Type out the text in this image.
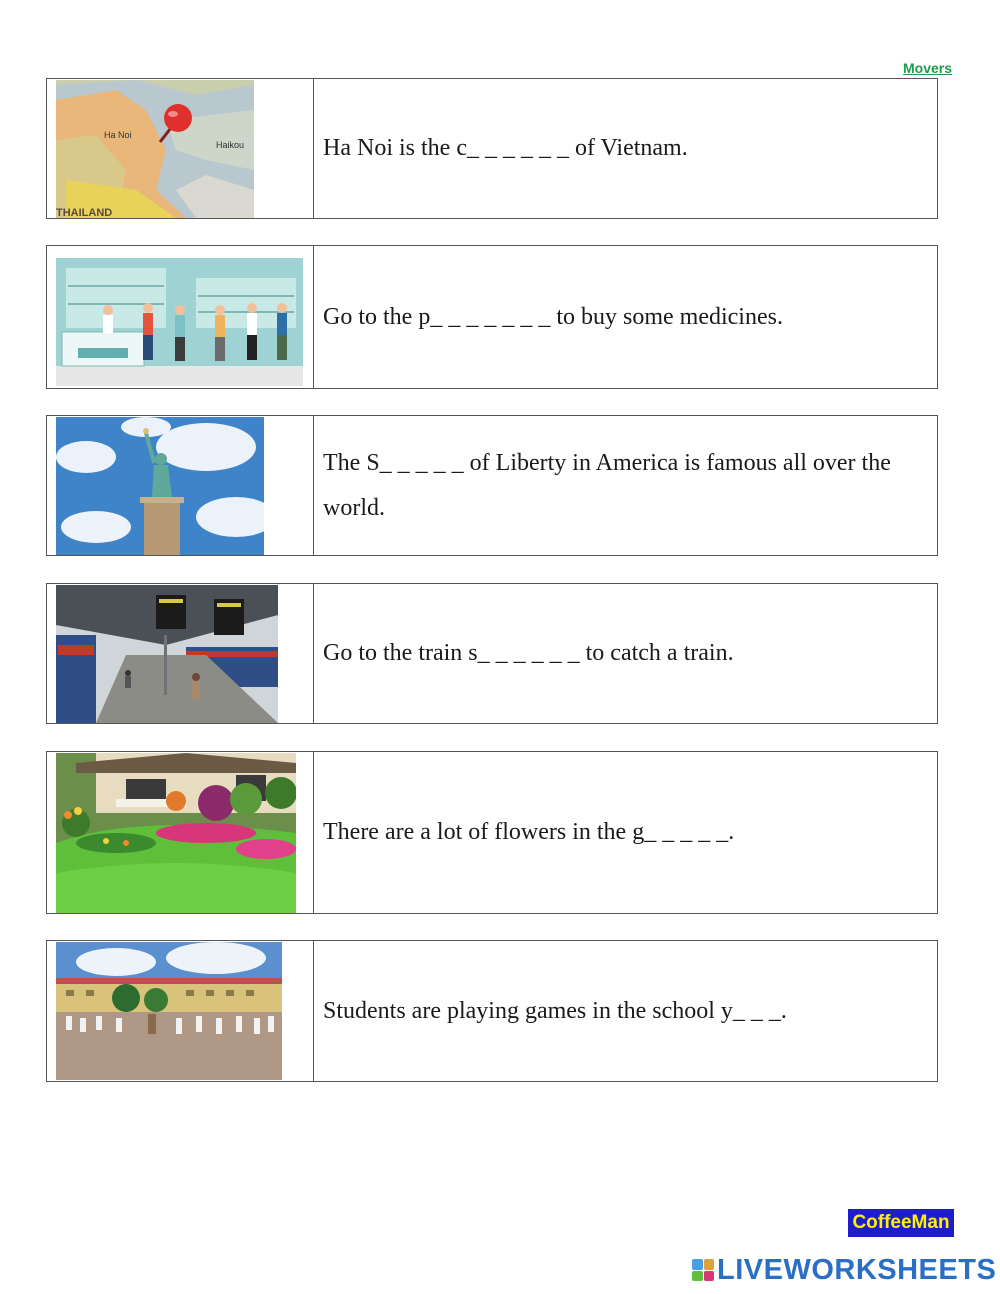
Movers
Ha Noi
Haikou
THAILAND
Ha Noi is the c_ _ _ _ _ _ of Vietnam.
Go to the p_ _ _ _ _ _ _ to buy some medicines.
The S_ _ _ _ _ of Liberty in America is famous all over the world.
Go to the train s_ _ _ _ _ _ to catch a train.
There are a lot of flowers in the g_ _ _ _ _.
Students are playing games in the school y_ _ _.
CoffeeMan
LIVEWORKSHEETS
